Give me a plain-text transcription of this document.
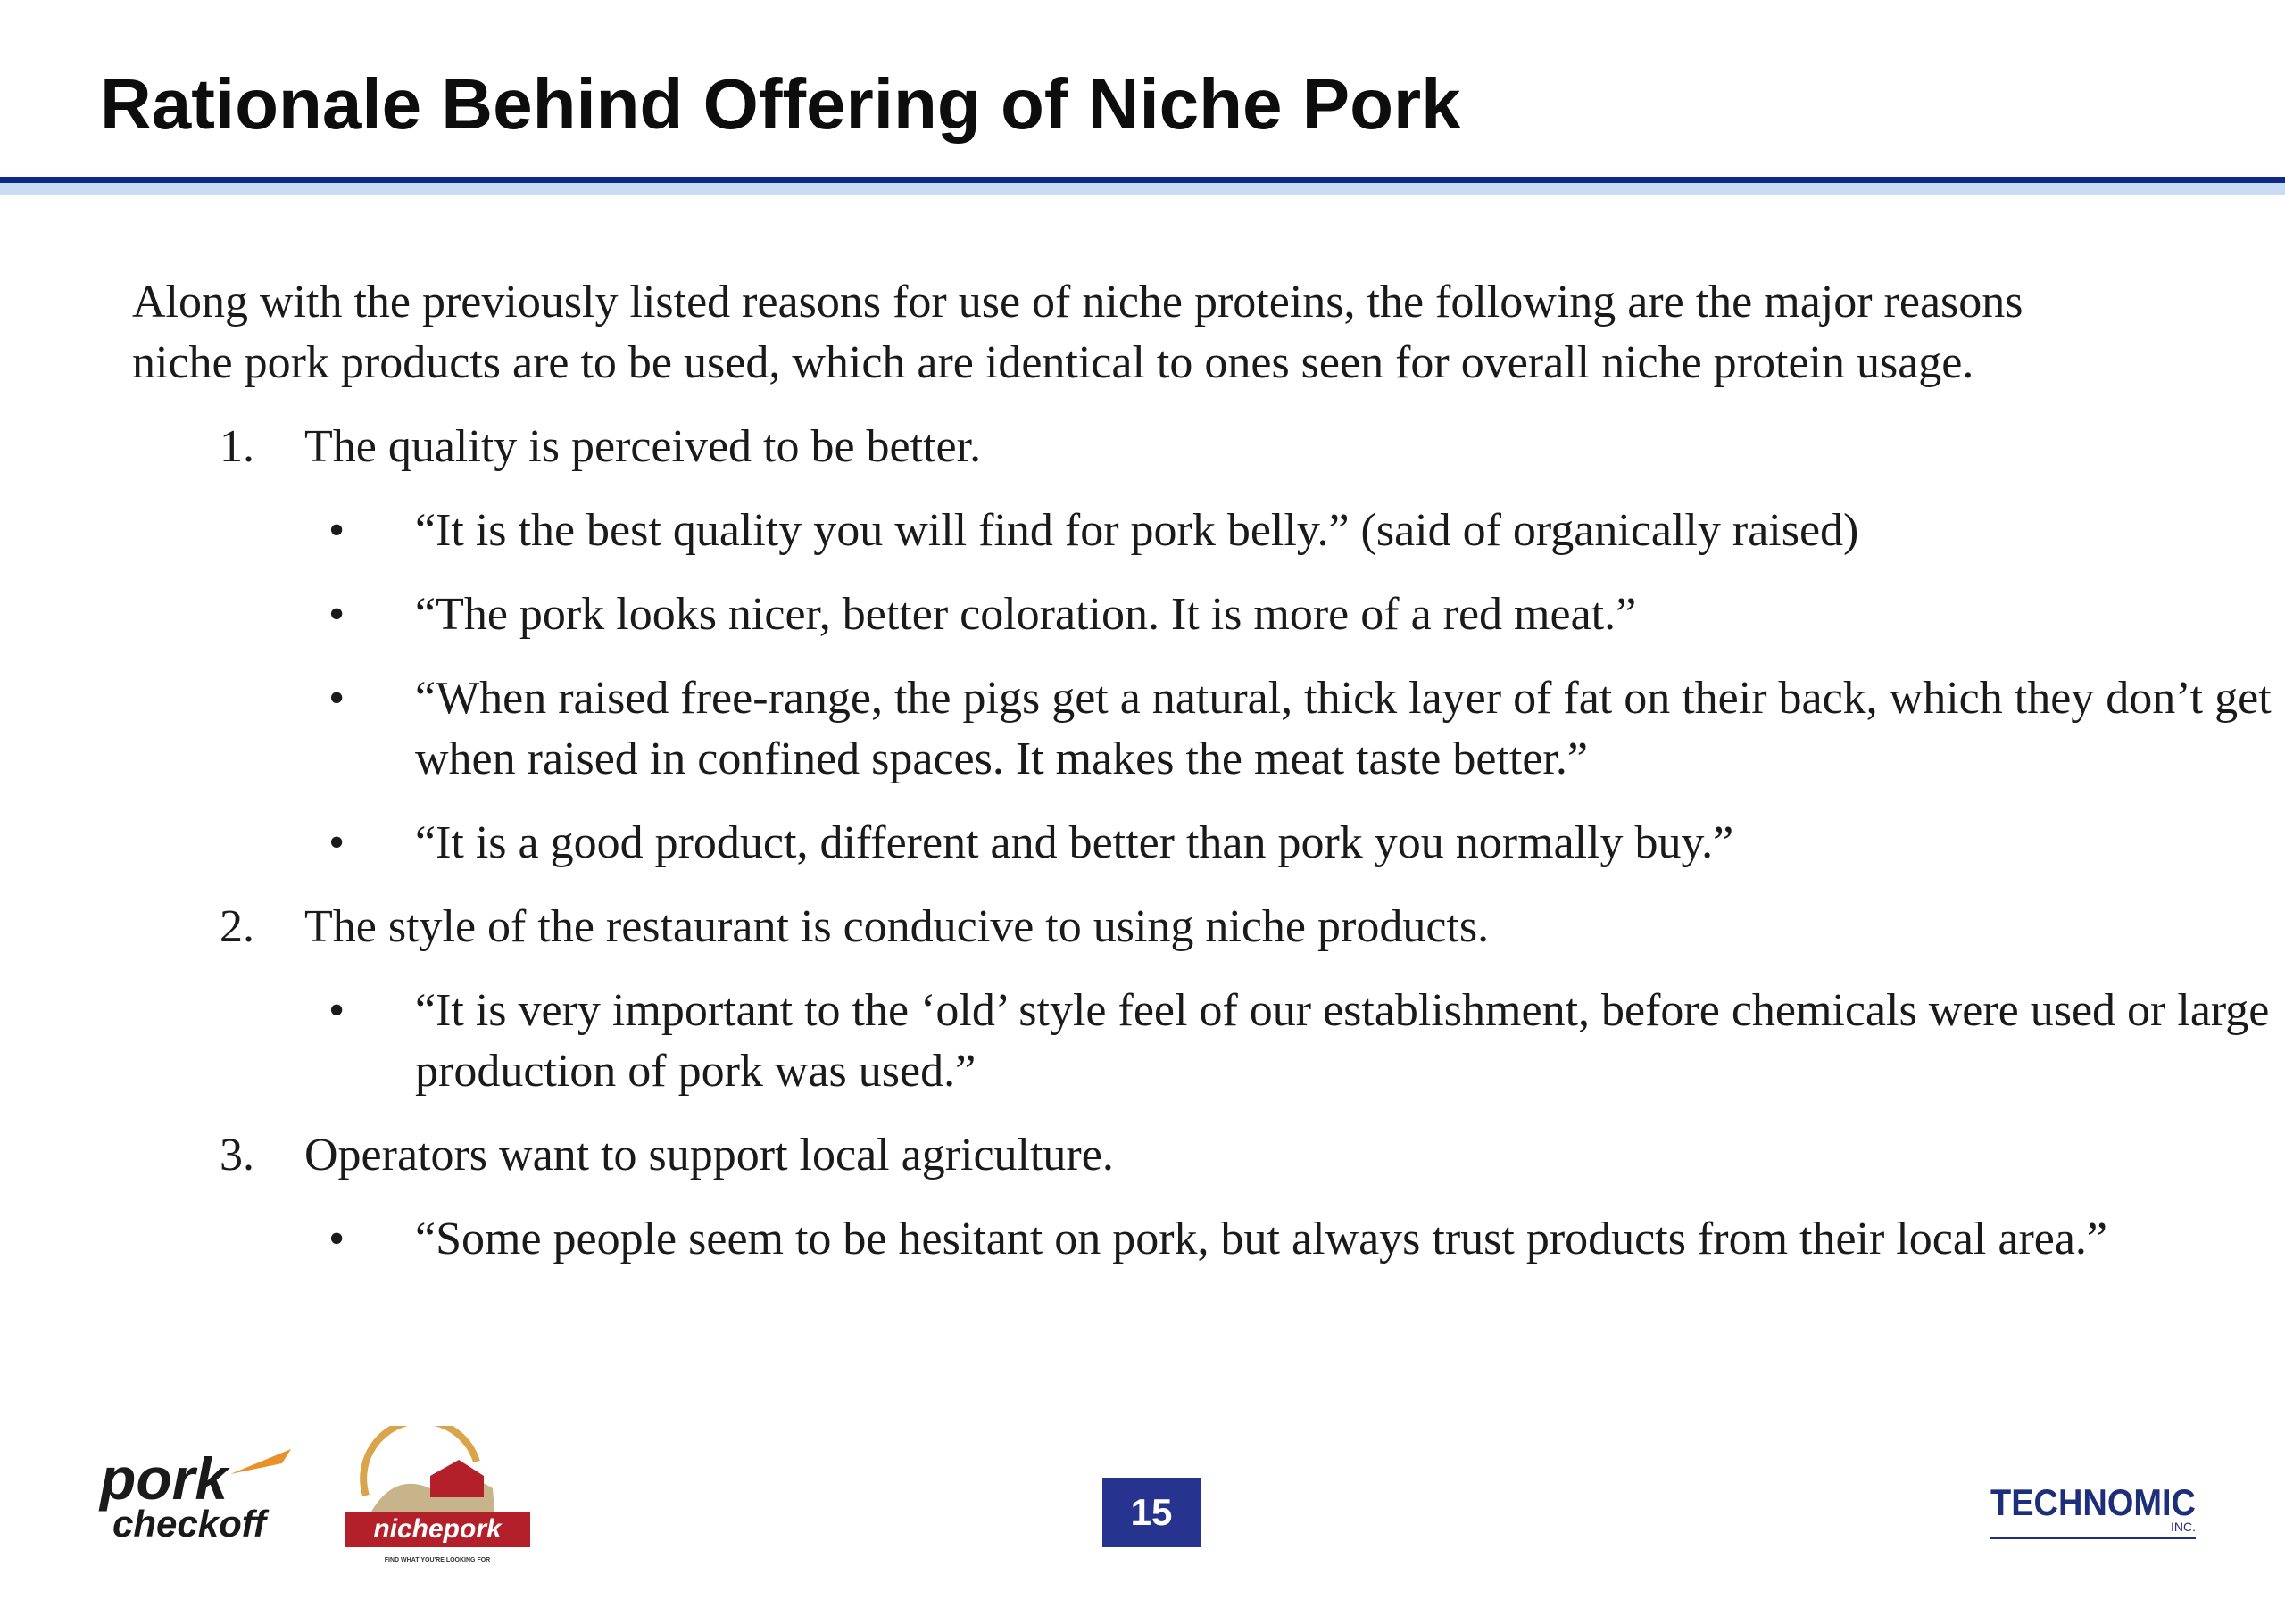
Rationale Behind Offering of Niche Pork

Along with the previously listed reasons for use of niche proteins, the following are the major reasons niche pork products are to be used, which are identical to ones seen for overall niche protein usage.

1. The quality is perceived to be better.
• “It is the best quality you will find for pork belly.” (said of organically raised)
• “The pork looks nicer, better coloration. It is more of a red meat.”
• “When raised free-range, the pigs get a natural, thick layer of fat on their back, which they don’t get when raised in confined spaces. It makes the meat taste better.”
• “It is a good product, different and better than pork you normally buy.”
2. The style of the restaurant is conducive to using niche products.
• “It is very important to the ‘old’ style feel of our establishment, before chemicals were used or large production of pork was used.”
3. Operators want to support local agriculture.
• “Some people seem to be hesitant on pork, but always trust products from their local area.”
pork
checkoff	nichepork
FIND WHAT YOU'RE LOOKING FOR
15	TECHNOMIC
INC.
